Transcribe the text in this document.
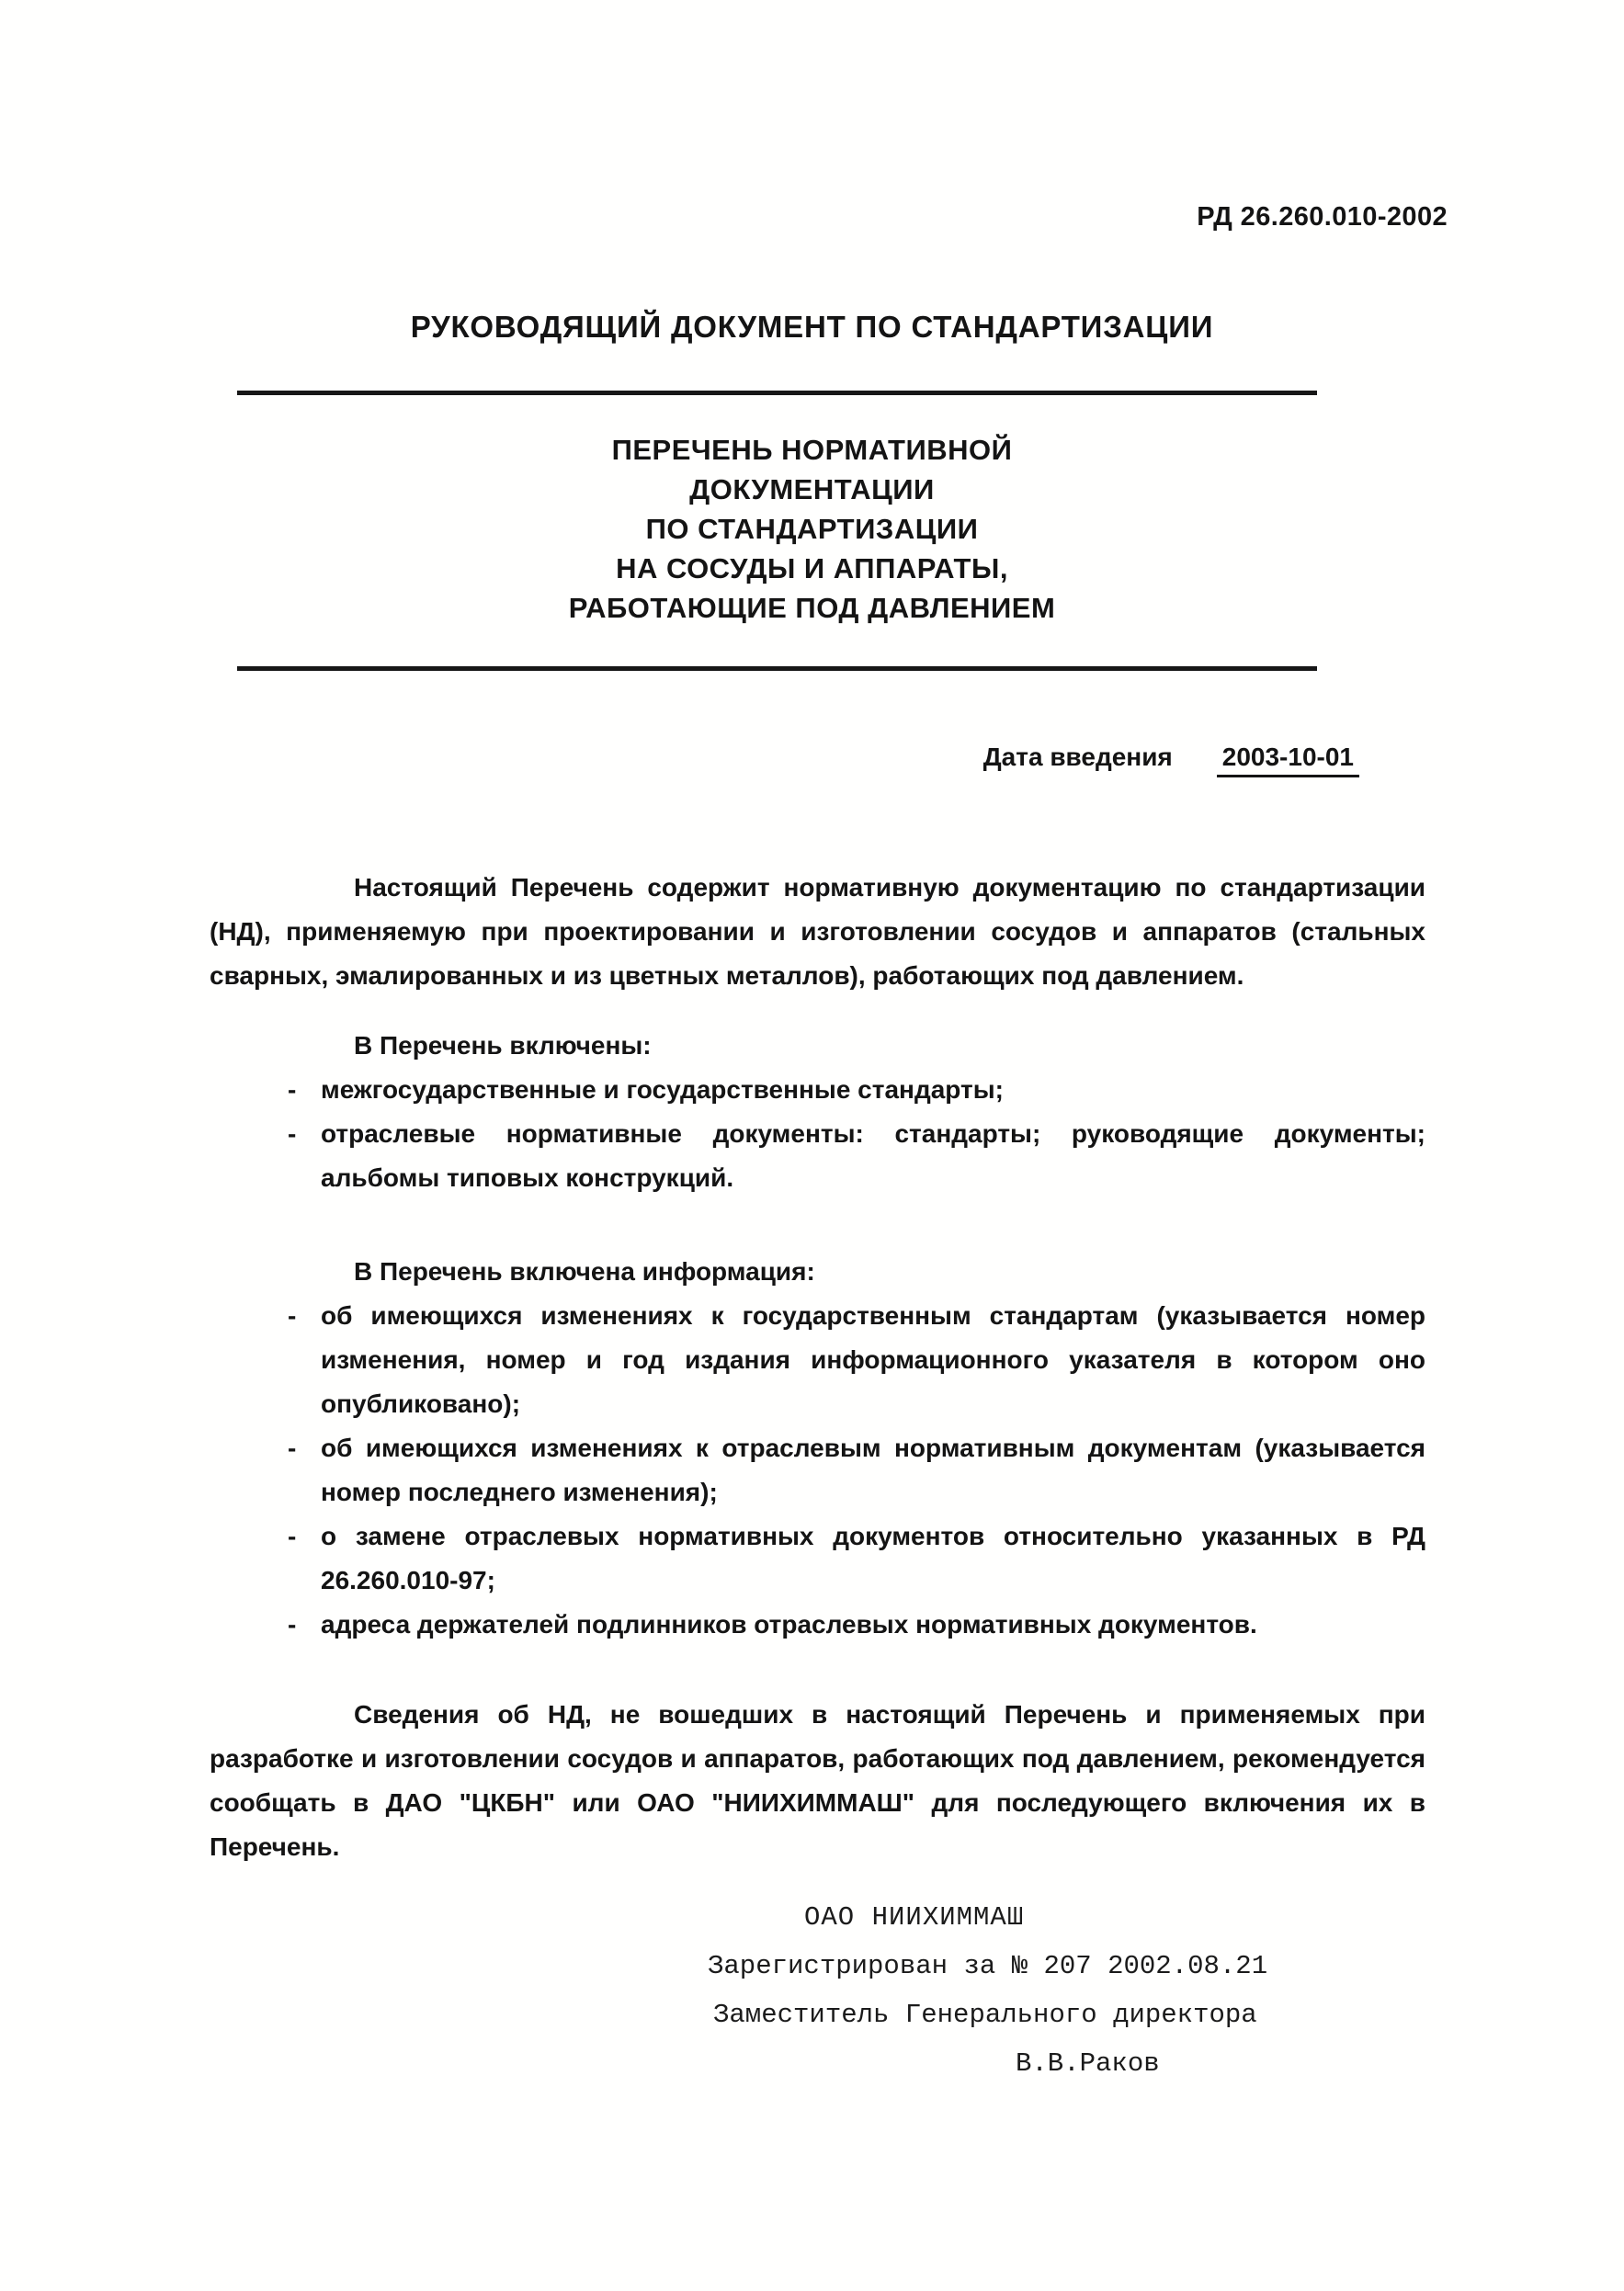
РД 26.260.010-2002
РУКОВОДЯЩИЙ ДОКУМЕНТ ПО СТАНДАРТИЗАЦИИ
ПЕРЕЧЕНЬ НОРМАТИВНОЙ
ДОКУМЕНТАЦИИ
ПО СТАНДАРТИЗАЦИИ
НА СОСУДЫ И АППАРАТЫ,
РАБОТАЮЩИЕ ПОД ДАВЛЕНИЕМ
Дата введения 2003-10-01
Настоящий Перечень содержит нормативную документацию по стандартизации (НД), применяемую при проектировании и изготовлении сосудов и аппаратов (стальных сварных, эмалированных и из цветных металлов), работающих под давлением.
В Перечень включены:
- межгосударственные и государственные стандарты;
- отраслевые нормативные документы: стандарты; руководящие документы; альбомы типовых конструкций.
В Перечень включена информация:
- об имеющихся изменениях к государственным стандартам (указывается номер изменения, номер и год издания информационного указателя в котором оно опубликовано);
- об имеющихся изменениях к отраслевым нормативным документам (указывается номер последнего изменения);
- о замене отраслевых нормативных документов относительно указанных в РД 26.260.010-97;
- адреса держателей подлинников отраслевых нормативных документов.
Сведения об НД, не вошедших в настоящий Перечень и применяемых при разработке и изготовлении сосудов и аппаратов, работающих под давлением, рекомендуется сообщать в ДАО "ЦКБН" или ОАО "НИИХИММАШ" для последующего включения их в Перечень.
ОАО НИИХИММАШ
Зарегистрирован за № 207 2002.08.21
Заместитель Генерального директора
В.В.Раков
